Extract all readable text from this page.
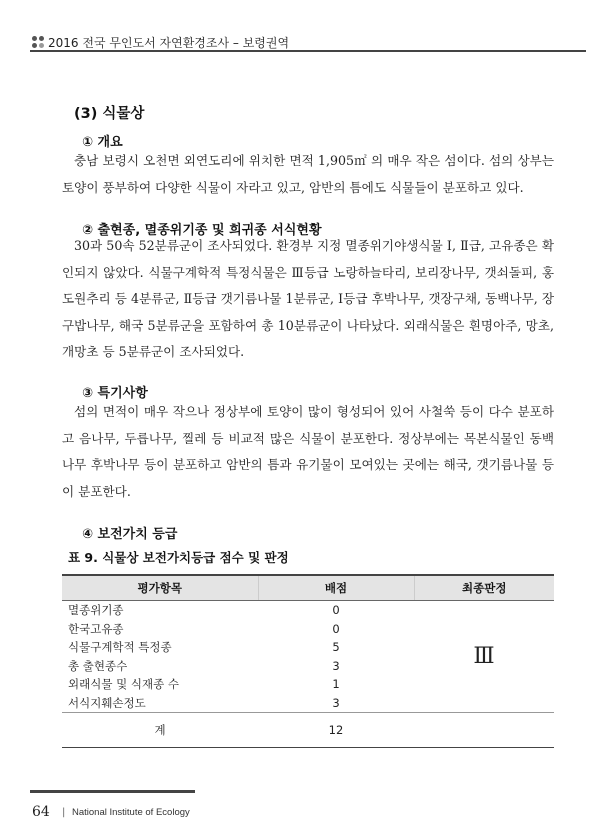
2016 전국 무인도서 자연환경조사 – 보령권역
(3) 식물상
① 개요

충남 보령시 오천면 외연도리에 위치한 면적 1,905㎡ 의 매우 작은 섬이다. 섬의 상부는 토양이 풍부하여 다양한 식물이 자라고 있고, 암반의 틈에도 식물들이 분포하고 있다.

② 출현종, 멸종위기종 및 희귀종 서식현황

30과 50속 52분류군이 조사되었다. 환경부 지정 멸종위기야생식물 Ⅰ, Ⅱ급, 고유종은 확인되지 않았다. 식물구계학적 특정식물은 Ⅲ등급 노랑하늘타리, 보리장나무, 갯쇠돌피, 홍도원추리 등 4분류군, Ⅱ등급 갯기름나물 1분류군, Ⅰ등급 후박나무, 갯장구채, 동백나무, 장구밥나무, 해국 5분류군을 포함하여 총 10분류군이 나타났다. 외래식물은 흰명아주, 망초, 개망초 등 5분류군이 조사되었다.

③ 특기사항

섬의 면적이 매우 작으나 정상부에 토양이 많이 형성되어 있어 사철쑥 등이 다수 분포하고 음나무, 두릅나무, 찔레 등 비교적 많은 식물이 분포한다. 정상부에는 목본식물인 동백나무 후박나무 등이 분포하고 암반의 틈과 유기물이 모여있는 곳에는 해국, 갯기름나물 등이 분포한다.

④ 보전가치 등급
표 9. 식물상 보전가치등급 점수 및 판정
평가항목	배점	최종판정
멸종위기종	0	Ⅲ
한국고유종	0	
식물구계학적 특정종	5	
총 출현종수	3	
외래식물 및 식재종 수	1	
서식지훼손정도	3	
계	12	
64 | National Institute of Ecology
